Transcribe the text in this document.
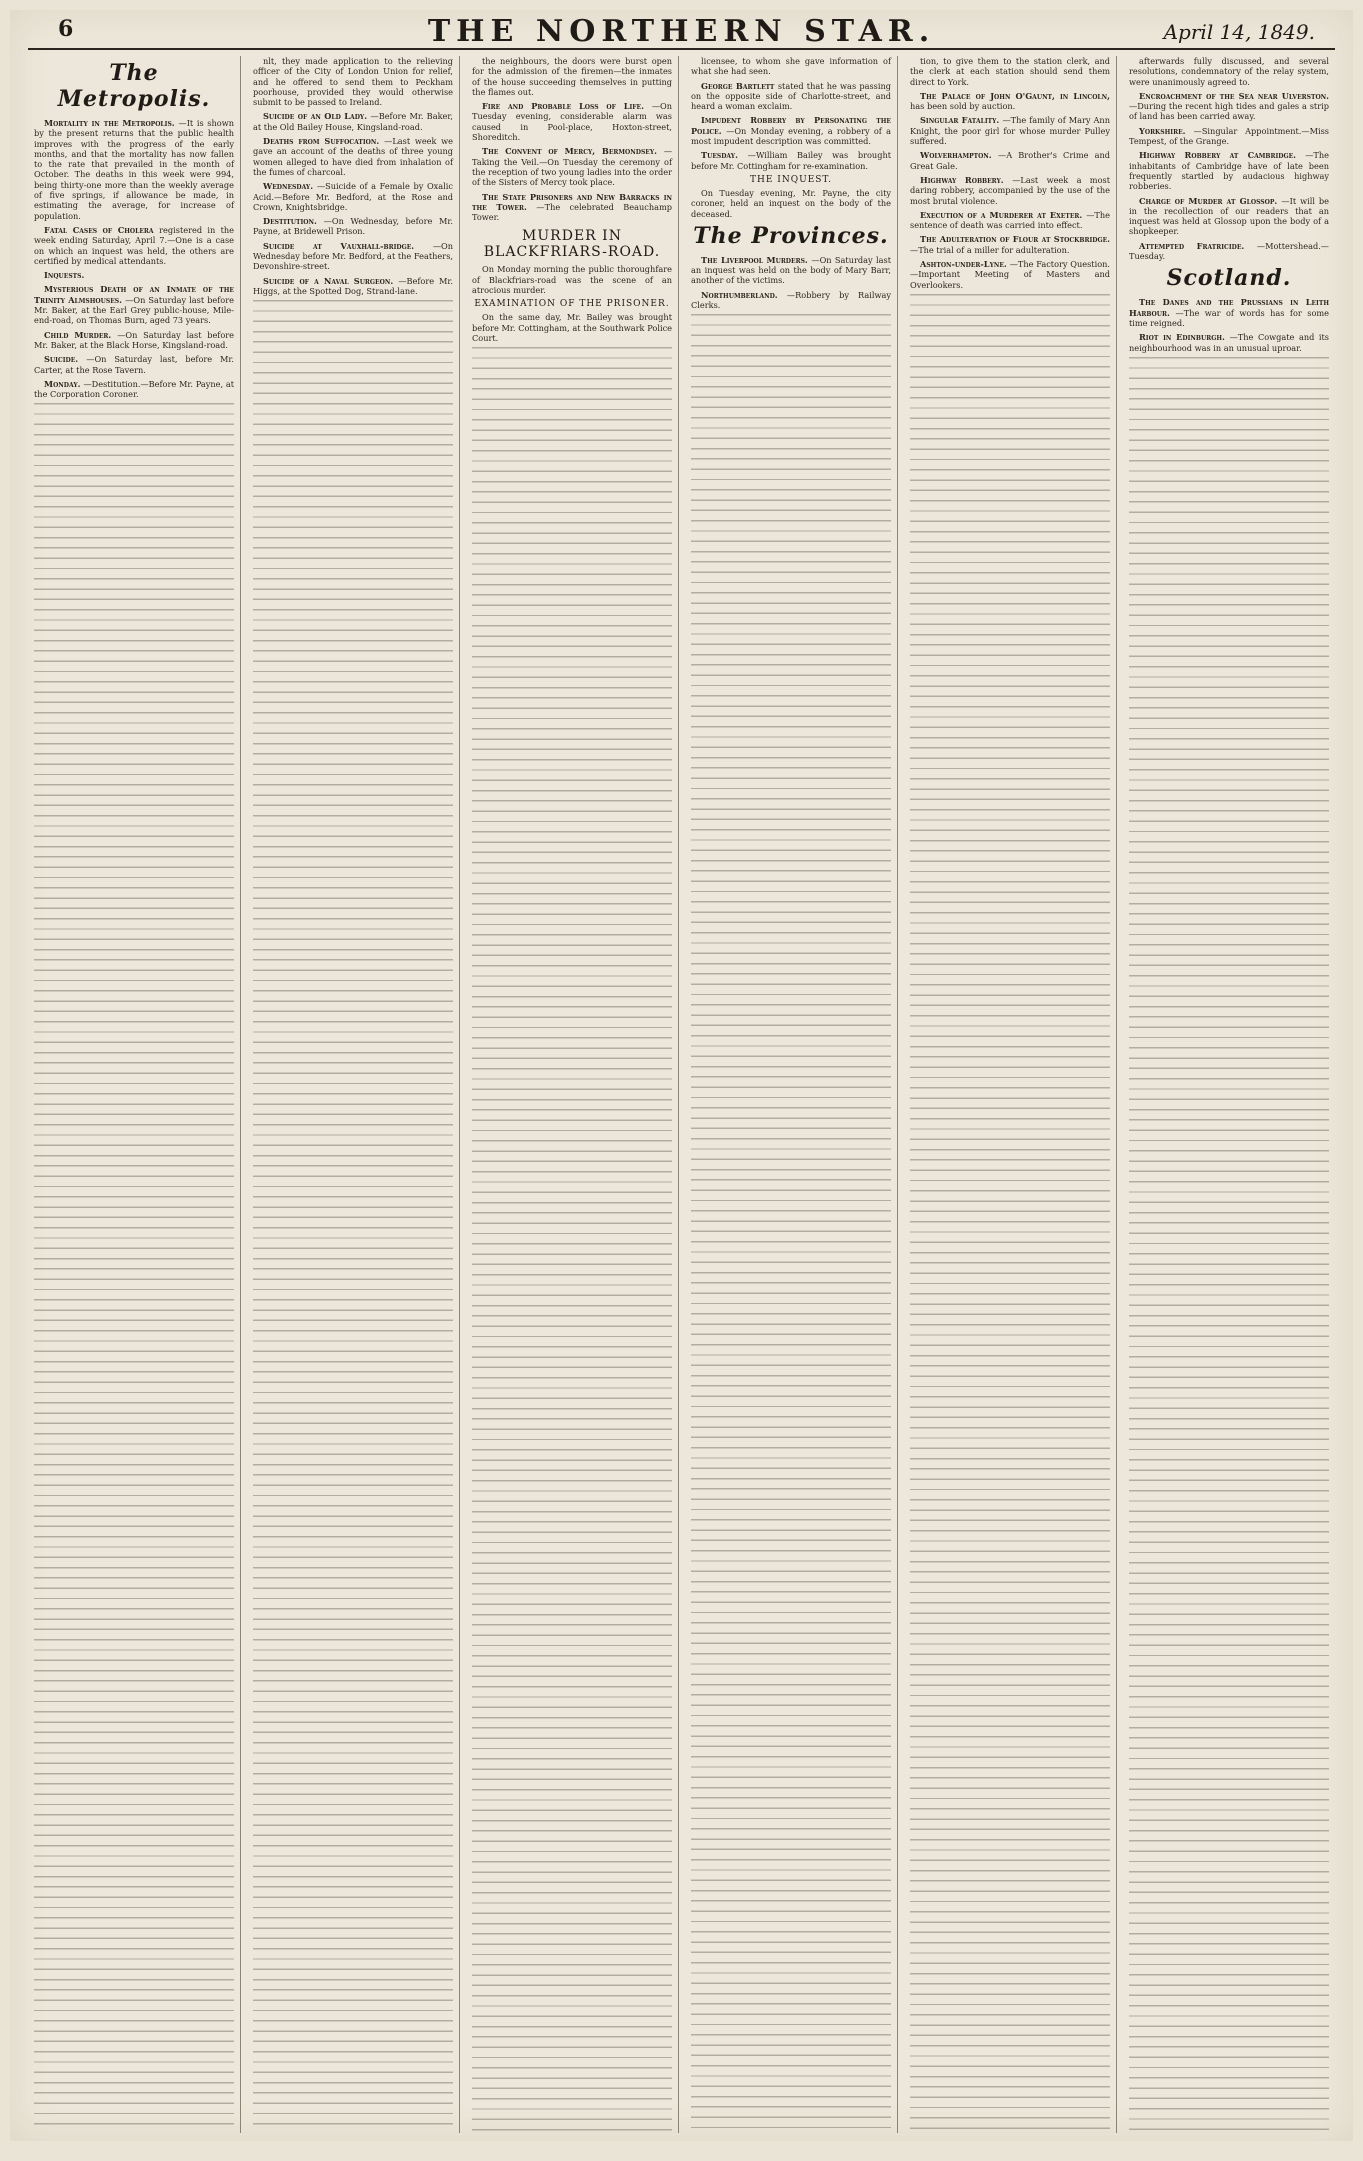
6	THE NORTHERN STAR.	April 14, 1849.
The Metropolis.

Mortality in the Metropolis. —It is shown by the present returns that the public health improves with the progress of the early months, and that the mortality has now fallen to the rate that prevailed in the month of October. The deaths in this week were 994, being thirty-one more than the weekly average of five springs, if allowance be made, in estimating the average, for increase of population.

Fatal Cases of Cholera registered in the week ending Saturday, April 7.—One is a case on which an inquest was held, the others are certified by medical attendants.

Inquests.

Mysterious Death of an Inmate of the Trinity Almshouses. —On Saturday last before Mr. Baker, at the Earl Grey public-house, Mile-end-road, on Thomas Burn, aged 73 years.

Child Murder. —On Saturday last before Mr. Baker, at the Black Horse, Kingsland-road.

Suicide. —On Saturday last, before Mr. Carter, at the Rose Tavern.

Monday. —Destitution.—Before Mr. Payne, at the Corporation Coroner.

nlt, they made application to the relieving officer of the City of London Union for relief, and he offered to send them to Peckham poorhouse, provided they would otherwise submit to be passed to Ireland.

Suicide of an Old Lady. —Before Mr. Baker, at the Old Bailey House, Kingsland-road.

Deaths from Suffocation. —Last week we gave an account of the deaths of three young women alleged to have died from inhalation of the fumes of charcoal.

Wednesday. —Suicide of a Female by Oxalic Acid.—Before Mr. Bedford, at the Rose and Crown, Knightsbridge.

Destitution. —On Wednesday, before Mr. Payne, at Bridewell Prison.

Suicide at Vauxhall-bridge. —On Wednesday before Mr. Bedford, at the Feathers, Devonshire-street.

Suicide of a Naval Surgeon. —Before Mr. Higgs, at the Spotted Dog, Strand-lane.

the neighbours, the doors were burst open for the admission of the firemen—the inmates of the house succeeding themselves in putting the flames out.

Fire and Probable Loss of Life. —On Tuesday evening, considerable alarm was caused in Pool-place, Hoxton-street, Shoreditch.

The Convent of Mercy, Bermondsey. —Taking the Veil.—On Tuesday the ceremony of the reception of two young ladies into the order of the Sisters of Mercy took place.

The State Prisoners and New Barracks in the Tower. —The celebrated Beauchamp Tower.

MURDER IN BLACKFRIARS-ROAD.

On Monday morning the public thoroughfare of Blackfriars-road was the scene of an atrocious murder.

EXAMINATION OF THE PRISONER.

On the same day, Mr. Bailey was brought before Mr. Cottingham, at the Southwark Police Court.

licensee, to whom she gave information of what she had seen.

George Bartlett stated that he was passing on the opposite side of Charlotte-street, and heard a woman exclaim.

Impudent Robbery by Personating the Police. —On Monday evening, a robbery of a most impudent description was committed.

Tuesday. —William Bailey was brought before Mr. Cottingham for re-examination.

THE INQUEST.

On Tuesday evening, Mr. Payne, the city coroner, held an inquest on the body of the deceased.

The Provinces.

The Liverpool Murders. —On Saturday last an inquest was held on the body of Mary Barr, another of the victims.

Northumberland. —Robbery by Railway Clerks.

tion, to give them to the station clerk, and the clerk at each station should send them direct to York.

The Palace of John O'Gaunt, in Lincoln, has been sold by auction.

Singular Fatality. —The family of Mary Ann Knight, the poor girl for whose murder Pulley suffered.

Wolverhampton. —A Brother's Crime and Great Gale.

Highway Robbery. —Last week a most daring robbery, accompanied by the use of the most brutal violence.

Execution of a Murderer at Exeter. —The sentence of death was carried into effect.

The Adulteration of Flour at Stockbridge. —The trial of a miller for adulteration.

Ashton-under-Lyne. —The Factory Question.—Important Meeting of Masters and Overlookers.

afterwards fully discussed, and several resolutions, condemnatory of the relay system, were unanimously agreed to.

Encroachment of the Sea near Ulverston. —During the recent high tides and gales a strip of land has been carried away.

Yorkshire. —Singular Appointment.—Miss Tempest, of the Grange.

Highway Robbery at Cambridge. —The inhabitants of Cambridge have of late been frequently startled by audacious highway robberies.

Charge of Murder at Glossop. —It will be in the recollection of our readers that an inquest was held at Glossop upon the body of a shopkeeper.

Attempted Fratricide. —Mottershead.—Tuesday.

Scotland.

The Danes and the Prussians in Leith Harbour. —The war of words has for some time reigned.

Riot in Edinburgh. —The Cowgate and its neighbourhood was in an unusual uproar.
